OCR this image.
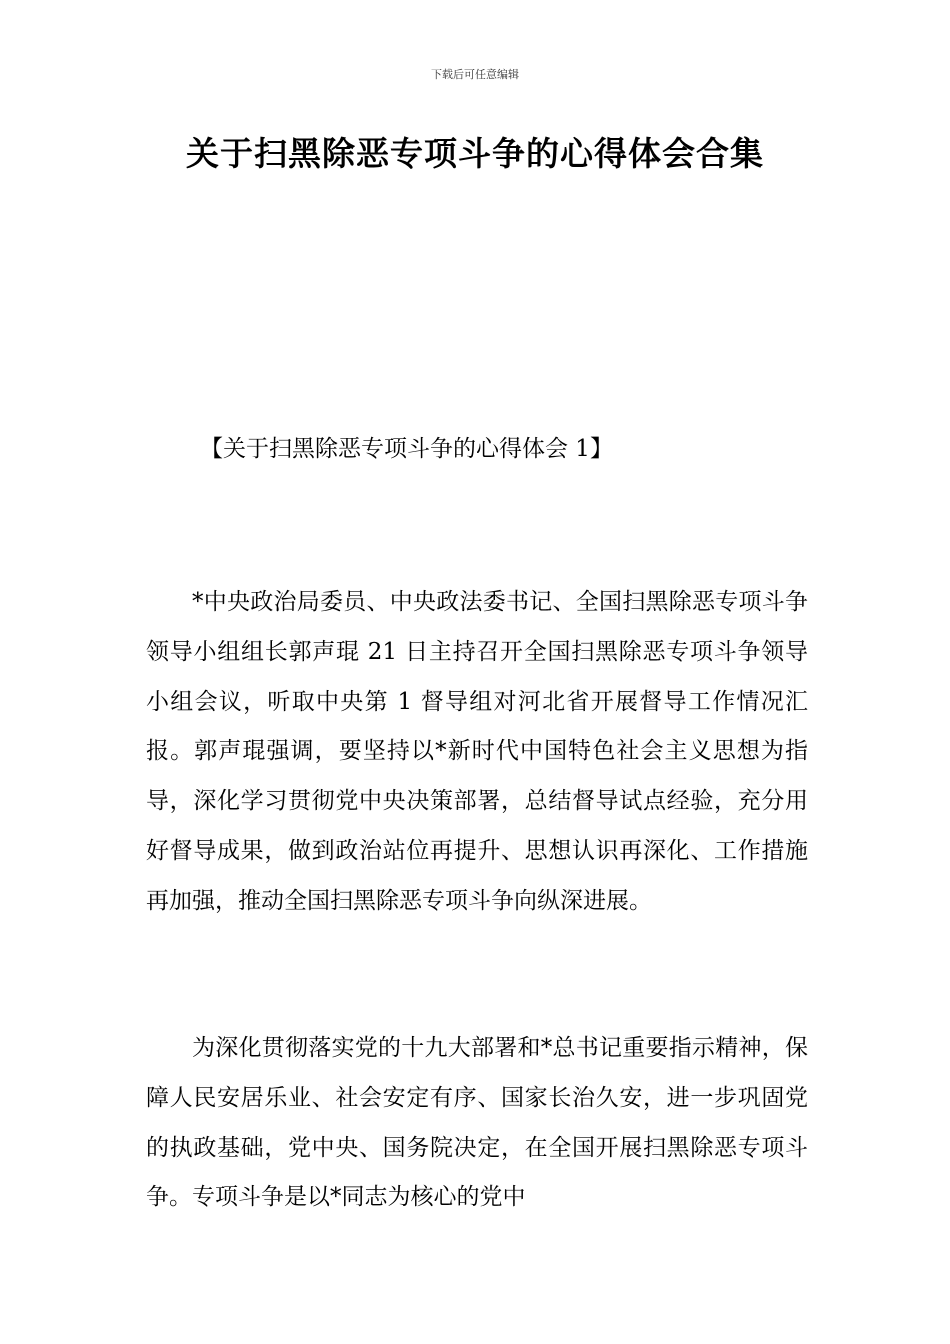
下载后可任意编辑
关于扫黑除恶专项斗争的心得体会合集
【关于扫黑除恶专项斗争的心得体会 1】

*中央政治局委员、中央政法委书记、全国扫黑除恶专项斗争领导小组组长郭声琨 21 日主持召开全国扫黑除恶专项斗争领导小组会议，听取中央第 1 督导组对河北省开展督导工作情况汇报。郭声琨强调，要坚持以*新时代中国特色社会主义思想为指导，深化学习贯彻党中央决策部署，总结督导试点经验，充分用好督导成果，做到政治站位再提升、思想认识再深化、工作措施再加强，推动全国扫黑除恶专项斗争向纵深进展。

为深化贯彻落实党的十九大部署和*总书记重要指示精神，保障人民安居乐业、社会安定有序、国家长治久安，进一步巩固党的执政基础，党中央、国务院决定，在全国开展扫黑除恶专项斗争。专项斗争是以*同志为核心的党中
